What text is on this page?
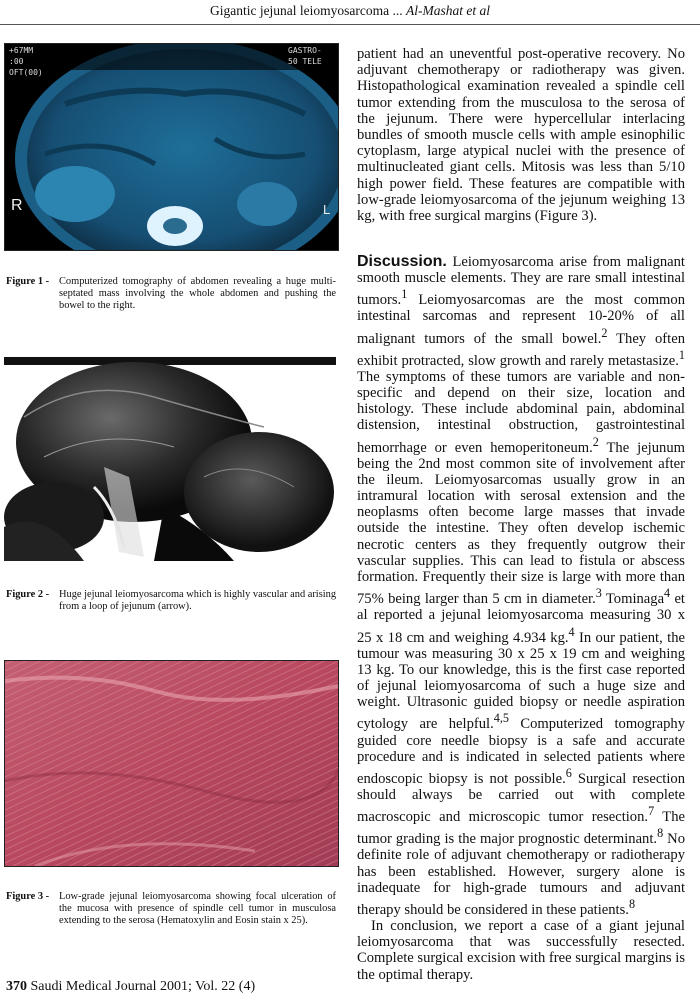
Gigantic jejunal leiomyosarcoma ... Al-Mashat et al
+67MM
:00
OFT(00)
GASTRO-
50 TELE
R	L
Figure 1 - Computerized tomography of abdomen revealing a huge multi-septated mass involving the whole abdomen and pushing the bowel to the right.
Figure 2 - Huge jejunal leiomyosarcoma which is highly vascular and arising from a loop of jejunum (arrow).
Figure 3 - Low-grade jejunal leiomyosarcoma showing focal ulceration of the mucosa with presence of spindle cell tumor in musculosa extending to the serosa (Hematoxylin and Eosin stain x 25).

patient had an uneventful post-operative recovery. No adjuvant chemotherapy or radiotherapy was given. Histopathological examination revealed a spindle cell tumor extending from the musculosa to the serosa of the jejunum. There were hypercellular interlacing bundles of smooth muscle cells with ample esinophilic cytoplasm, large atypical nuclei with the presence of multinucleated giant cells. Mitosis was less than 5/10 high power field. These features are compatible with low-grade leiomyosarcoma of the jejunum weighing 13 kg, with free surgical margins (Figure 3).

Discussion. Leiomyosarcoma arise from malignant smooth muscle elements. They are rare small intestinal tumors.$^1$ Leiomyosarcomas are the most common intestinal sarcomas and represent 10-20% of all malignant tumors of the small bowel.$^2$ They often exhibit protracted, slow growth and rarely metastasize.$^1$ The symptoms of these tumors are variable and non-specific and depend on their size, location and histology. These include abdominal pain, abdominal distension, intestinal obstruction, gastrointestinal hemorrhage or even hemoperitoneum.$^2$ The jejunum being the 2nd most common site of involvement after the ileum. Leiomyosarcomas usually grow in an intramural location with serosal extension and the neoplasms often become large masses that invade outside the intestine. They often develop ischemic necrotic centers as they frequently outgrow their vascular supplies. This can lead to fistula or abscess formation. Frequently their size is large with more than 75% being larger than 5 cm in diameter.$^3$ Tominaga$^4$ et al reported a jejunal leiomyosarcoma measuring 30 x 25 x 18 cm and weighing 4.934 kg.$^4$ In our patient, the tumour was measuring 30 x 25 x 19 cm and weighing 13 kg. To our knowledge, this is the first case reported of jejunal leiomyosarcoma of such a huge size and weight. Ultrasonic guided biopsy or needle aspiration cytology are helpful.$^{4,5}$ Computerized tomography guided core needle biopsy is a safe and accurate procedure and is indicated in selected patients where endoscopic biopsy is not possible.$^6$ Surgical resection should always be carried out with complete macroscopic and microscopic tumor resection.$^7$ The tumor grading is the major prognostic determinant.$^8$ No definite role of adjuvant chemotherapy or radiotherapy has been established. However, surgery alone is inadequate for high-grade tumours and adjuvant therapy should be considered in these patients.$^8$

In conclusion, we report a case of a giant jejunal leiomyosarcoma that was successfully resected. Complete surgical excision with free surgical margins is the optimal therapy.

370 Saudi Medical Journal 2001; Vol. 22 (4)
